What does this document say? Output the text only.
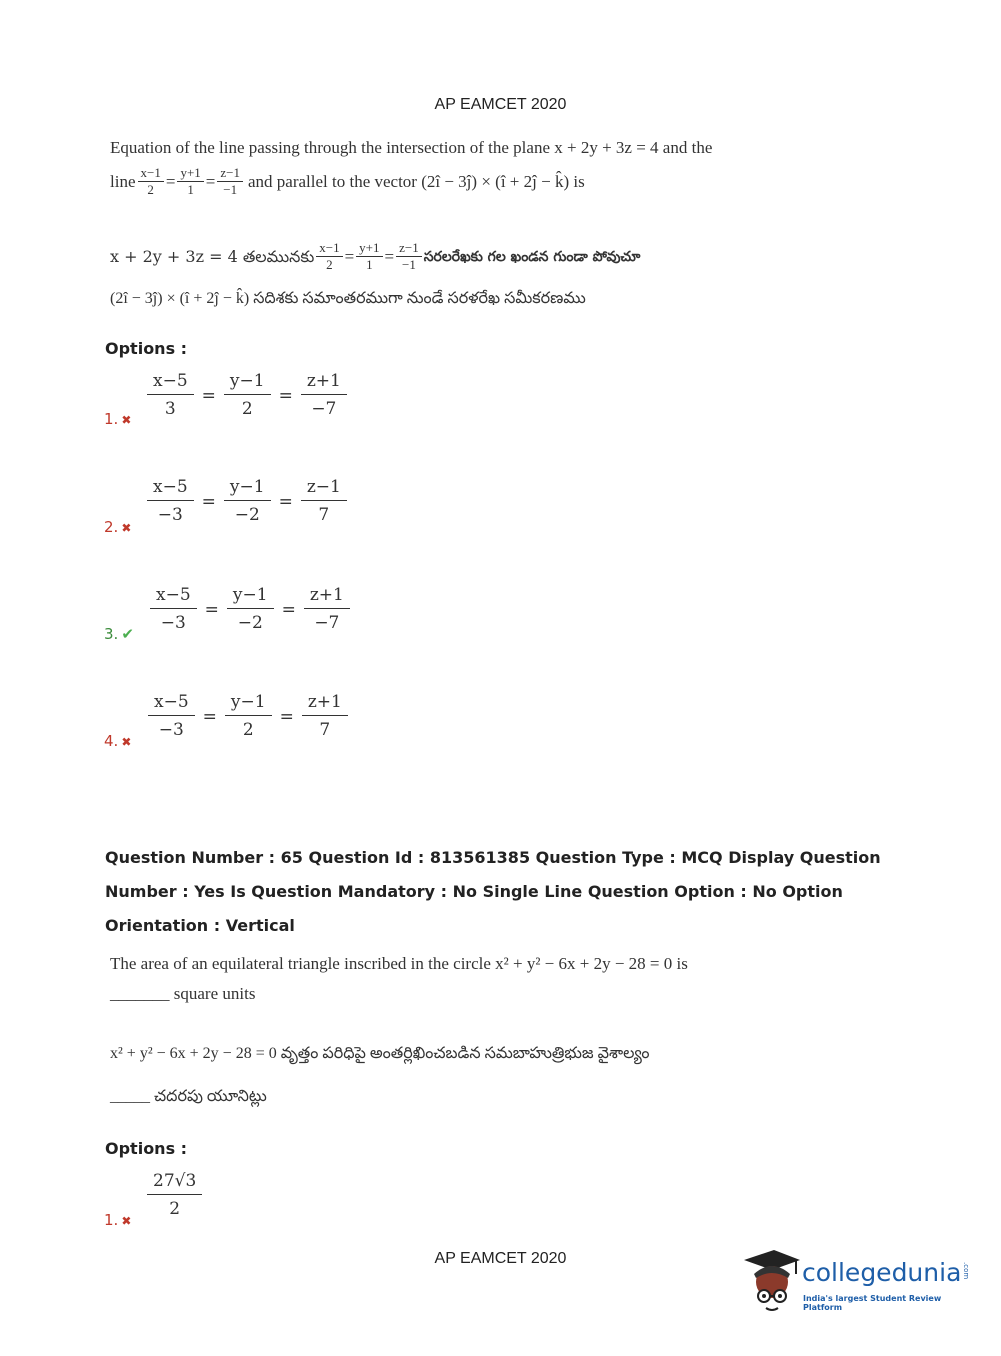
AP EAMCET 2020
Equation of the line passing through the intersection of the plane x + 2y + 3z = 4 and the
line $\frac{x-1}{2} = \frac{y+1}{1} = \frac{z-1}{-1}$ and parallel to the vector (2î − 3ĵ) × (î + 2ĵ − k̂) is
x + 2y + 3z = 4 తలమునకు $\frac{x-1}{2} = \frac{y+1}{1} = \frac{z-1}{-1}$ సరలరేఖకు గల ఖండన గుండా పోవుచూ
(2î − 3ĵ) × (î + 2ĵ − k̂) సదిశకు సమాంతరముగా నుండే సరళరేఖ సమీకరణము
Options :
1. ✖ $\frac{x-5}{3} = \frac{y-1}{2} = \frac{z+1}{-7}$
2. ✖ $\frac{x-5}{-3} = \frac{y-1}{-2} = \frac{z-1}{7}$
3. ✔ $\frac{x-5}{-3} = \frac{y-1}{-2} = \frac{z+1}{-7}$
4. ✖ $\frac{x-5}{-3} = \frac{y-1}{2} = \frac{z+1}{7}$
Question Number : 65 Question Id : 813561385 Question Type : MCQ Display Question
Number : Yes Is Question Mandatory : No Single Line Question Option : No Option
Orientation : Vertical
The area of an equilateral triangle inscribed in the circle x² + y² − 6x + 2y − 28 = 0 is
_______ square units
x² + y² − 6x + 2y − 28 = 0 వృత్తం పరిధిపై అంతర్లిఖించబడిన సమబాహుత్రిభుజ వైశాల్యం
_____ చదరపు యూనిట్లు
Options :
1. ✖ $\frac{27√3}{2}$
AP EAMCET 2020	collegedunia .com
India's largest Student Review Platform
